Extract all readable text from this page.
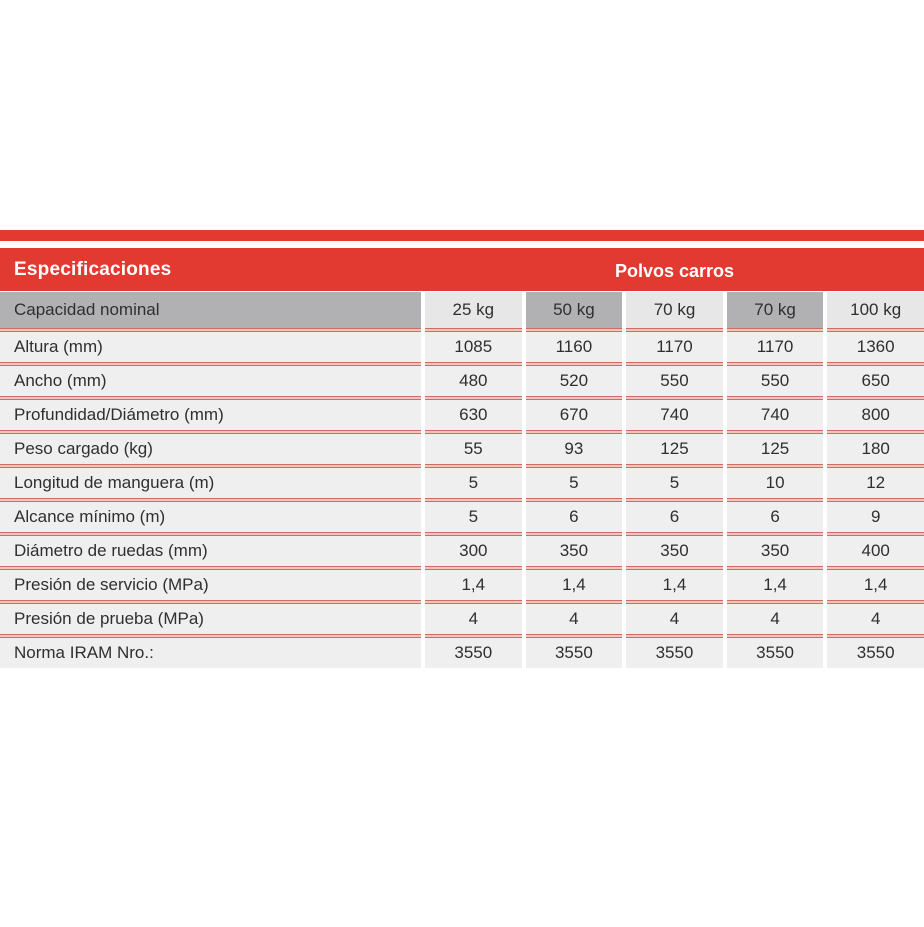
Especificaciones	Polvos carros
Capacidad nominal
Altura (mm)
Ancho (mm)
Profundidad/Diámetro (mm)
Peso cargado (kg)
Longitud de manguera (m)
Alcance mínimo (m)
Diámetro de ruedas (mm)
Presión de servicio (MPa)
Presión de prueba (MPa)
Norma IRAM Nro.:
25 kg
1085
480
630
55
5
5
300
1,4
4
3550
50 kg
1160
520
670
93
5
6
350
1,4
4
3550
70 kg
1170
550
740
125
5
6
350
1,4
4
3550
70 kg
1170
550
740
125
10
6
350
1,4
4
3550
100 kg
1360
650
800
180
12
9
400
1,4
4
3550
